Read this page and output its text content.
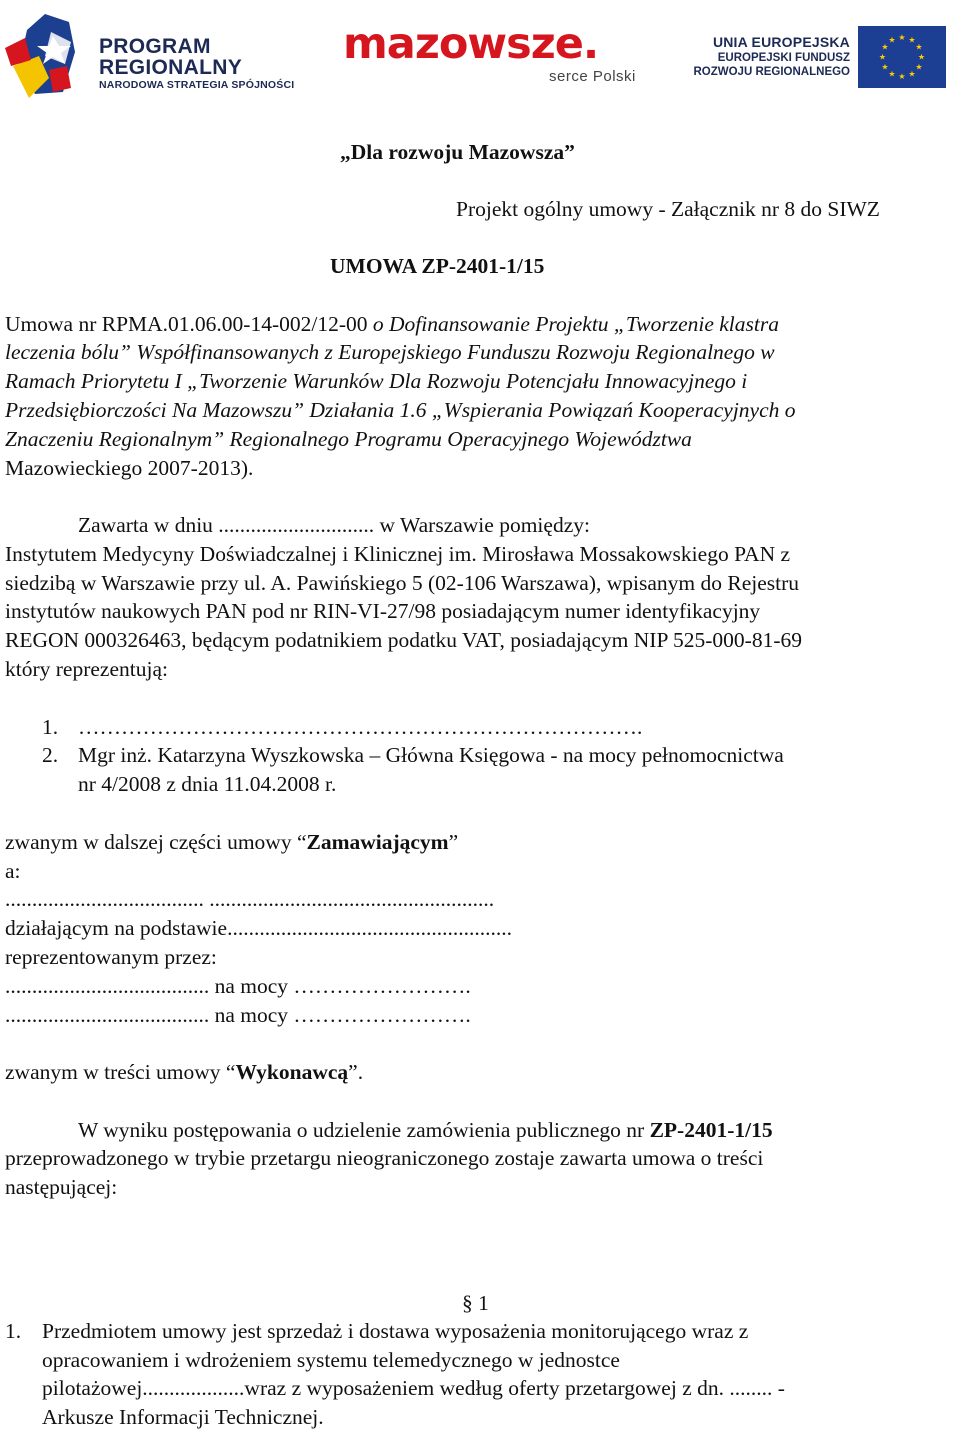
PROGRAM
REGIONALNY
NARODOWA STRATEGIA SPÓJNOŚCI
mazowsze.
serce Polski
UNIA EUROPEJSKA
EUROPEJSKI FUNDUSZ
ROZWOJU REGIONALNEGO
★ ★
★
★
★
★
★
★
★
★
★
★
„Dla rozwoju Mazowsza”
Projekt ogólny umowy - Załącznik nr 8 do SIWZ
UMOWA ZP-2401-1/15
Umowa nr RPMA.01.06.00-14-002/12-00 o Dofinansowanie Projektu „Tworzenie klastra
leczenia bólu” Współfinansowanych z Europejskiego Funduszu Rozwoju Regionalnego w
Ramach Priorytetu I „Tworzenie Warunków Dla Rozwoju Potencjału Innowacyjnego i
Przedsiębiorczości Na Mazowszu” Działania 1.6 „Wspierania Powiązań Kooperacyjnych o
Znaczeniu Regionalnym” Regionalnego Programu Operacyjnego Województwa
Mazowieckiego 2007-2013).
Zawarta w dniu ............................. w Warszawie pomiędzy:
Instytutem Medycyny Doświadczalnej i Klinicznej im. Mirosława Mossakowskiego PAN z
siedzibą w Warszawie przy ul. A. Pawińskiego 5 (02-106 Warszawa), wpisanym do Rejestru
instytutów naukowych PAN pod nr RIN-VI-27/98 posiadającym numer identyfikacyjny
REGON 000326463, będącym podatnikiem podatku VAT, posiadającym NIP 525-000-81-69
który reprezentują:
1. …………………………………………………………………….
2. Mgr inż. Katarzyna Wyszkowska – Główna Księgowa - na mocy pełnomocnictwa
nr 4/2008 z dnia 11.04.2008 r.
zwanym w dalszej części umowy “Zamawiającym”
a:
..................................... .....................................................
działającym na podstawie.....................................................
reprezentowanym przez:
...................................... na mocy …………………….
...................................... na mocy …………………….
zwanym w treści umowy “Wykonawcą”.
W wyniku postępowania o udzielenie zamówienia publicznego nr ZP-2401-1/15
przeprowadzonego w trybie przetargu nieograniczonego zostaje zawarta umowa o treści
następującej:
§ 1
1. Przedmiotem umowy jest sprzedaż i dostawa wyposażenia monitorującego wraz z
opracowaniem i wdrożeniem systemu telemedycznego w jednostce
pilotażowej...................wraz z wyposażeniem według oferty przetargowej z dn. ........ -
Arkusze Informacji Technicznej.
